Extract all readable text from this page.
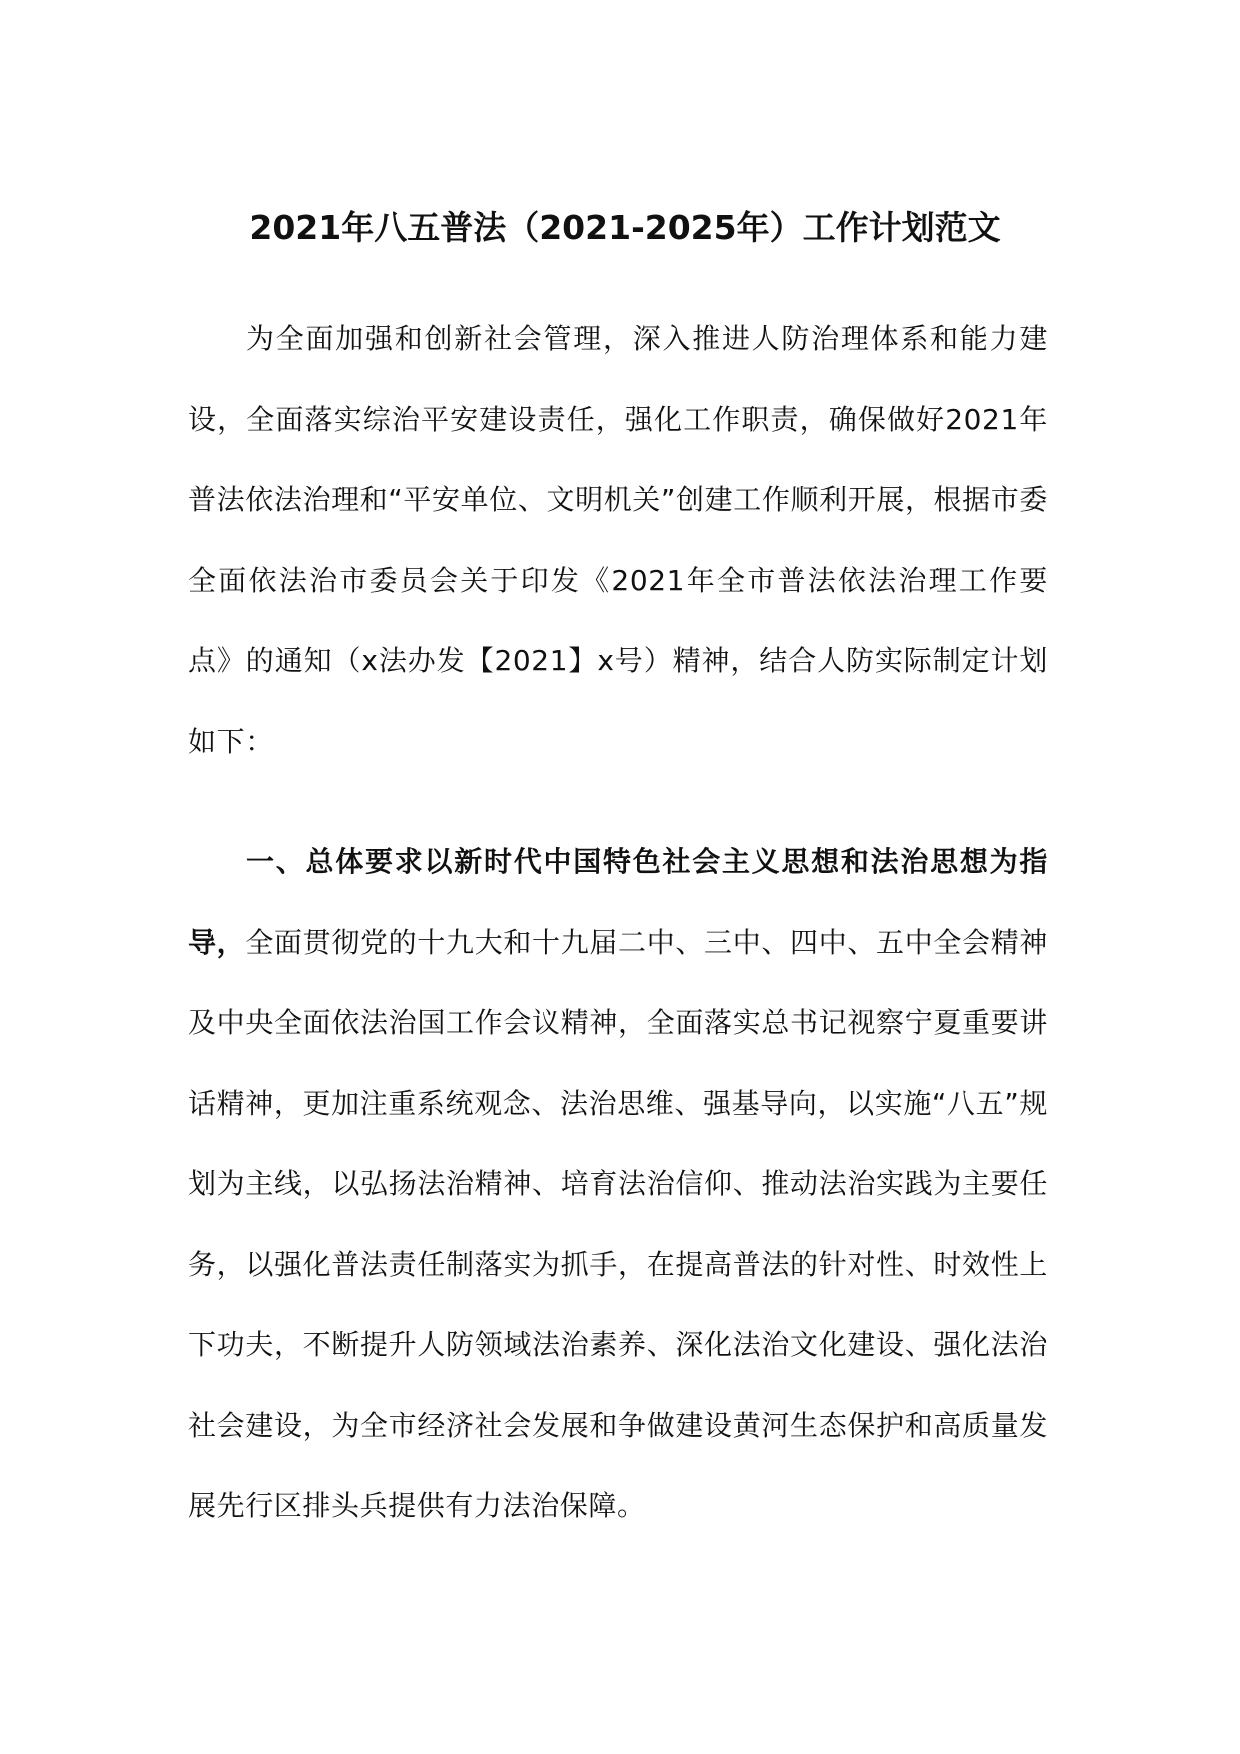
2021年八五普法（2021-2025年）工作计划范文

为全面加强和创新社会管理，深入推进人防治理体系和能力建设，全面落实综治平安建设责任，强化工作职责，确保做好2021年普法依法治理和“平安单位、文明机关”创建工作顺利开展，根据市委全面依法治市委员会关于印发《2021年全市普法依法治理工作要点》的通知（x法办发【2021】x号）精神，结合人防实际制定计划如下：

一、总体要求以新时代中国特色社会主义思想和法治思想为指导，全面贯彻党的十九大和十九届二中、三中、四中、五中全会精神及中央全面依法治国工作会议精神，全面落实总书记视察宁夏重要讲话精神，更加注重系统观念、法治思维、强基导向，以实施“八五”规划为主线，以弘扬法治精神、培育法治信仰、推动法治实践为主要任务，以强化普法责任制落实为抓手，在提高普法的针对性、时效性上下功夫，不断提升人防领域法治素养、深化法治文化建设、强化法治社会建设，为全市经济社会发展和争做建设黄河生态保护和高质量发展先行区排头兵提供有力法治保障。
